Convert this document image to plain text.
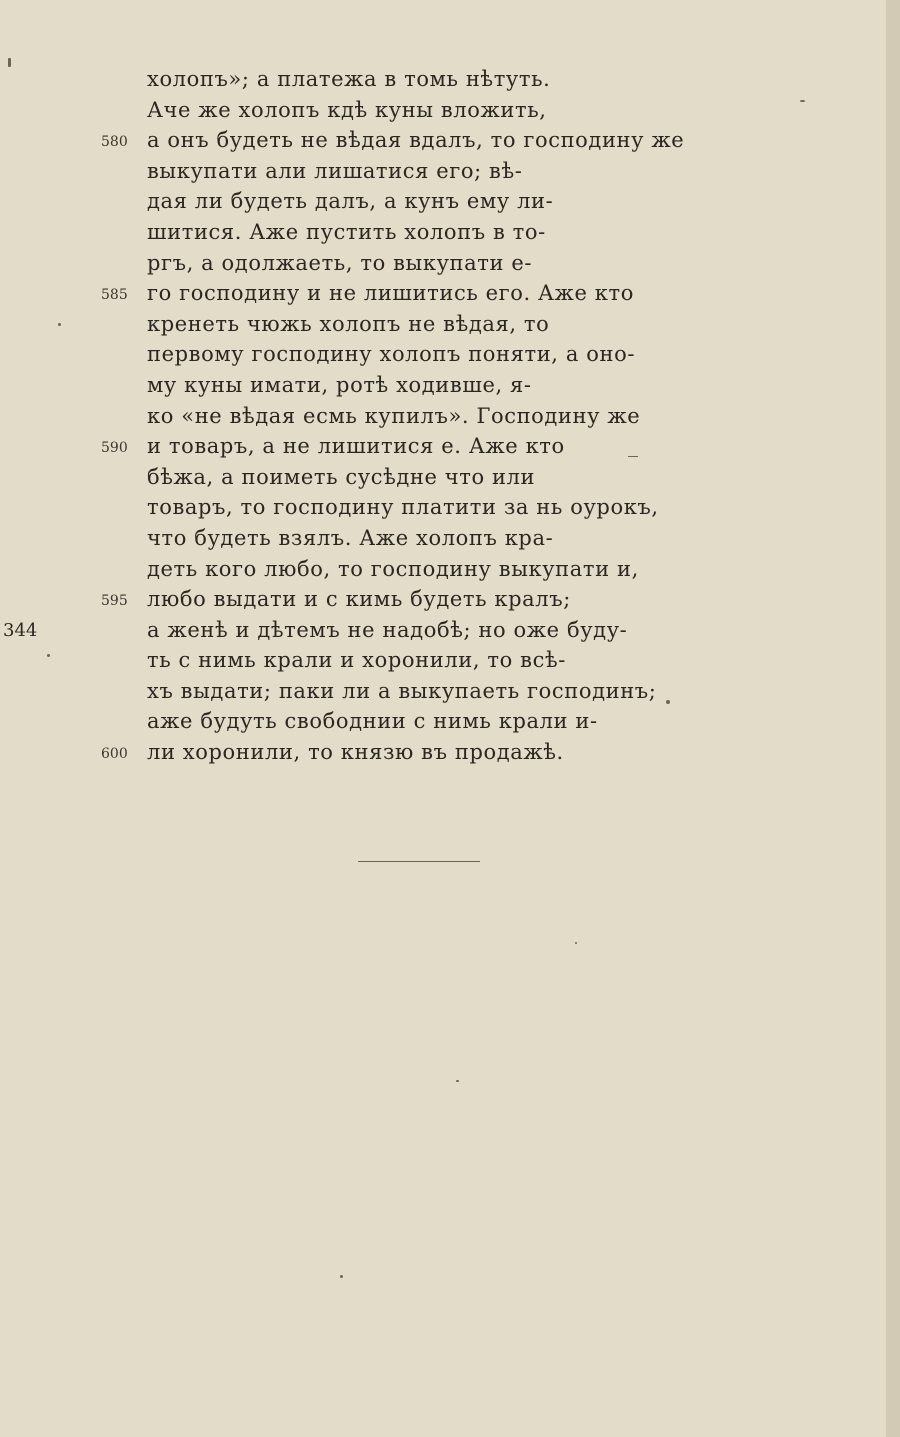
344
холопъ»; а платежа в томь нѣтуть.
Аче же холопъ кдѣ куны вложить,
580 а онъ будеть не вѣдая вдалъ, то господину же
выкупати али лишатися его; вѣ-
дая ли будеть далъ, а кунъ ему ли-
шитися. Аже пустить холопъ в то-
ргъ, а одолжаеть, то выкупати е-
585 го господину и не лишитись его. Аже кто
кренеть чюжь холопъ не вѣдая, то
первому господину холопъ поняти, а оно-
му куны имати, ротѣ ходивше, я-
ко «не вѣдая есмь купилъ». Господину же
590 и товаръ, а не лишитися е. Аже кто
бѣжа, а поиметь сусѣдне что или
товаръ, то господину платити за нь оурокъ,
что будеть взялъ. Аже холопъ кра-
деть кого любо, то господину выкупати и,
595 любо выдати и с кимь будеть кралъ;
а женѣ и дѣтемъ не надобѣ; но оже буду-
ть с нимь крали и хоронили, то всѣ-
хъ выдати; паки ли а выкупаеть господинъ;
аже будуть свободнии с нимь крали и-
600 ли хоронили, то князю въ продажѣ.
